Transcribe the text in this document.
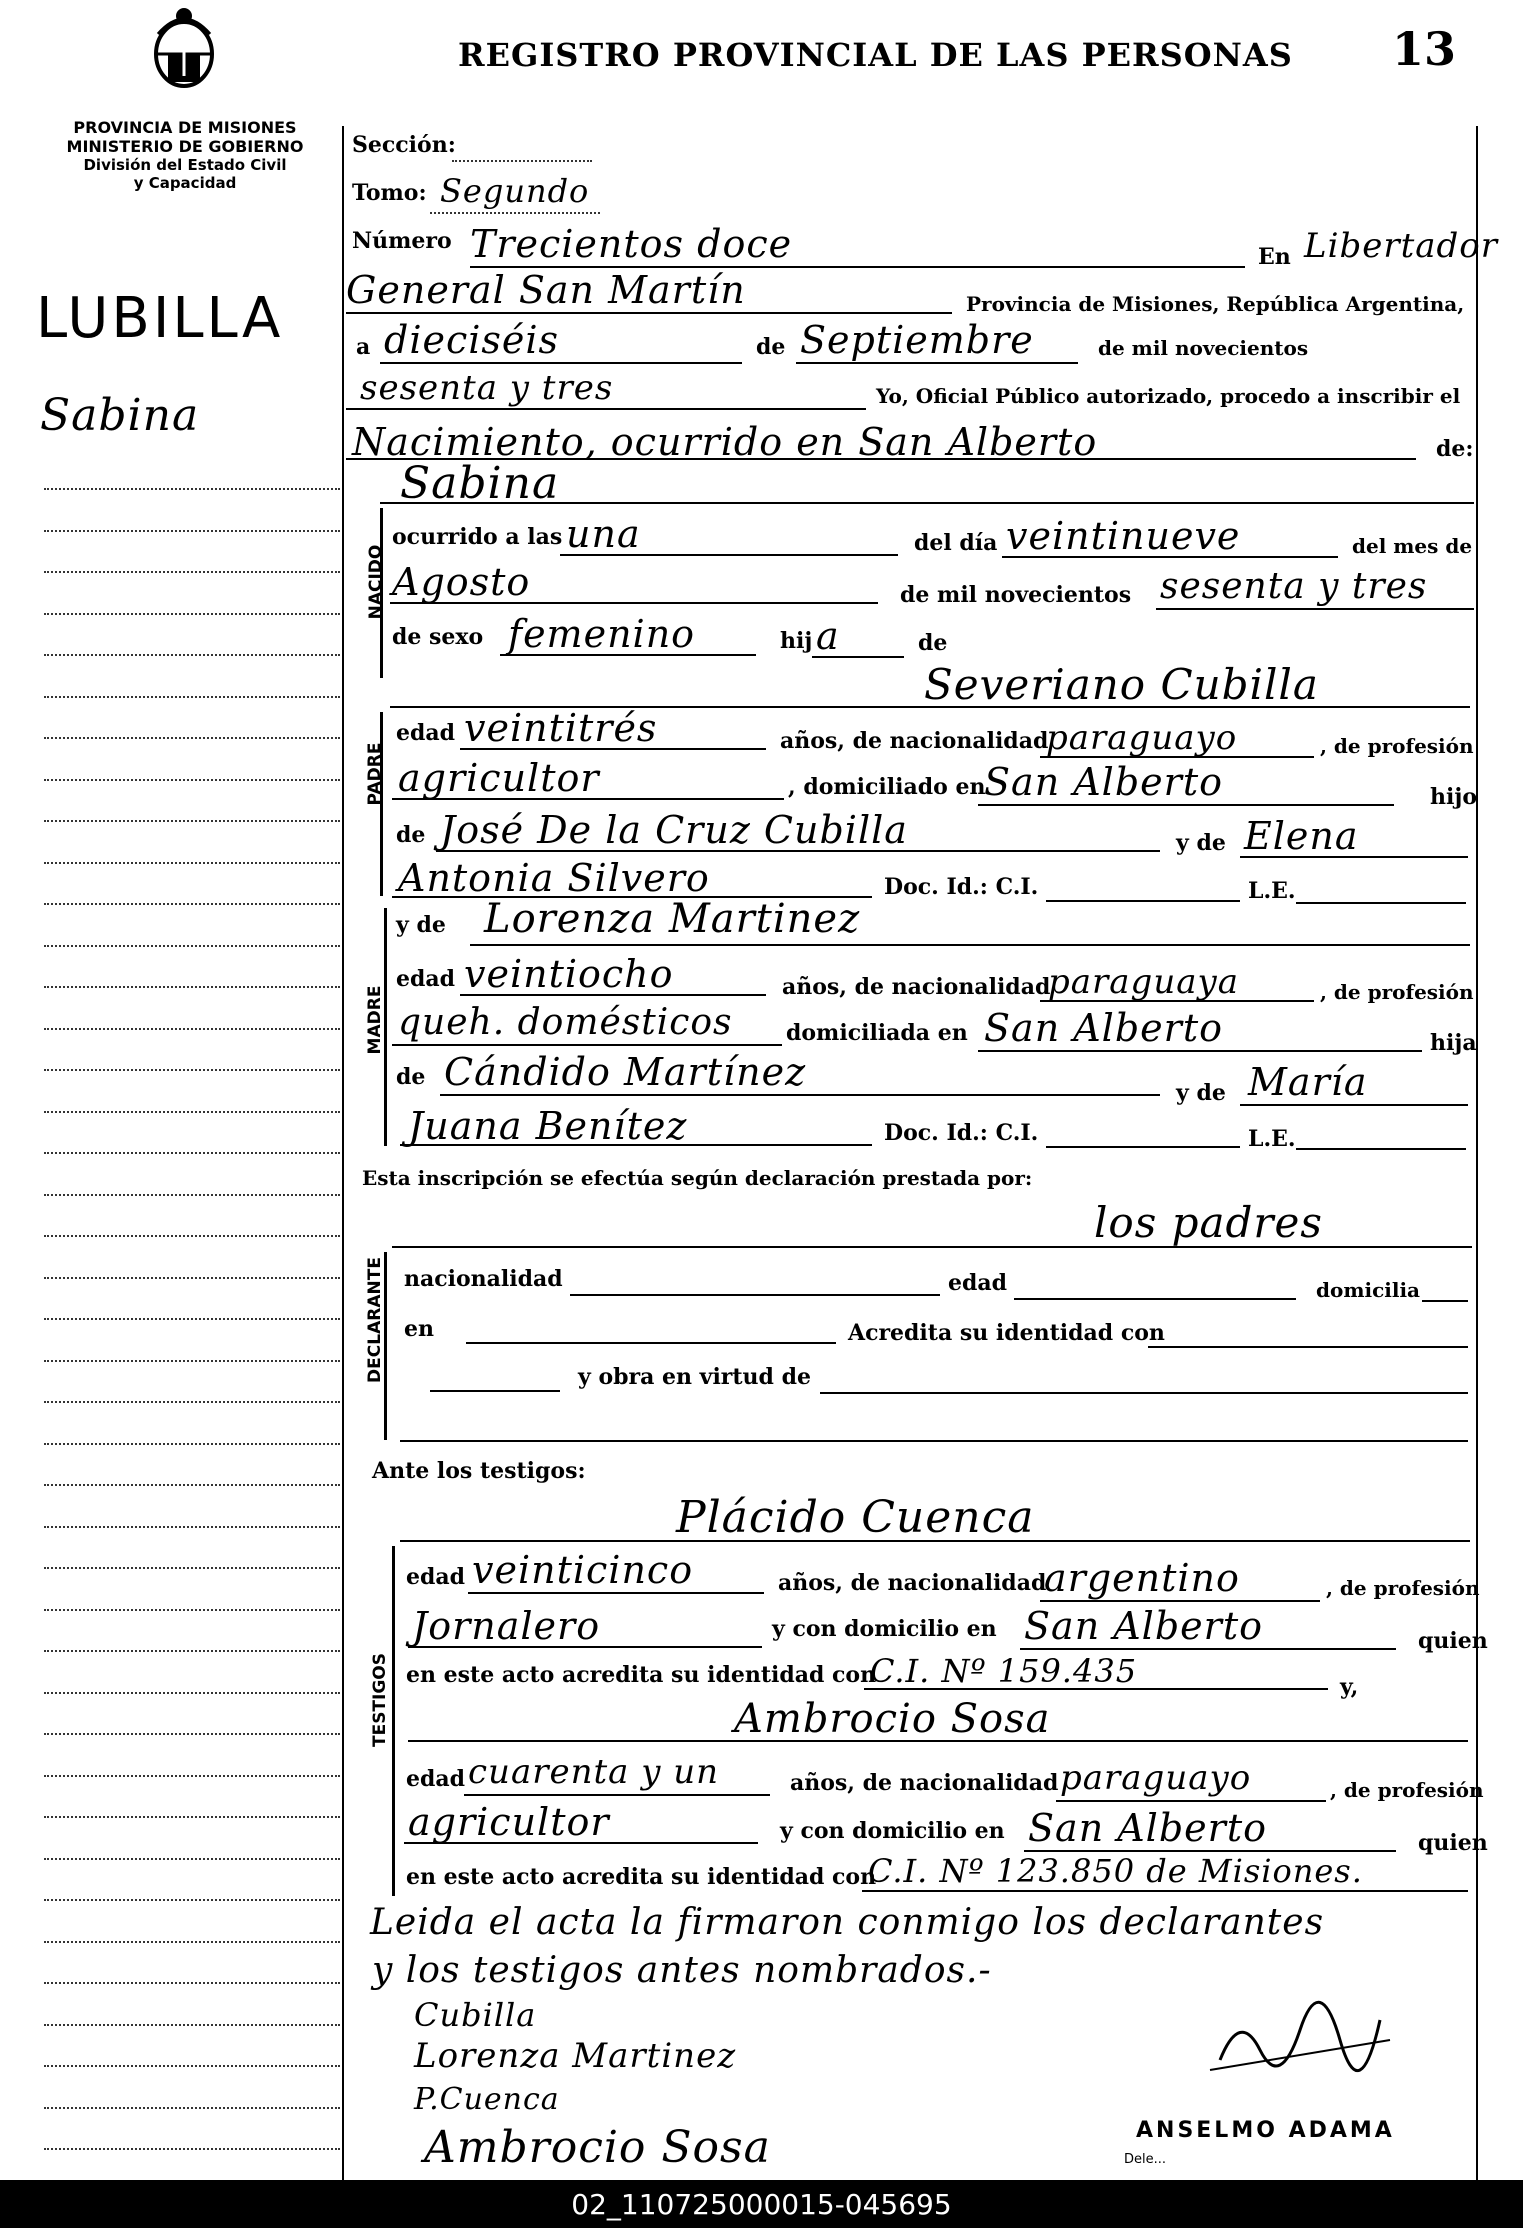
REGISTRO PROVINCIAL DE LAS PERSONAS 13
PROVINCIA DE MISIONES
MINISTERIO DE GOBIERNO
División del Estado Civil
y Capacidad
LUBILLA
Sabina
Sección:
Tomo: Segundo
Número Trecientos doce	En Libertador
General San Martín	Provincia de Misiones, República Argentina,
a dieciséis	de Septiembre	de mil novecientos
sesenta y tres	Yo, Oficial Público autorizado, procedo a inscribir el
Nacimiento, ocurrido en San Alberto	de:
Sabina
NACIDO
ocurrido a las una	del día veintinueve	del mes de
Agosto	de mil novecientos sesenta y tres
de sexo femenino	hij a	de
Severiano Cubilla
PADRE
edad veintitrés	años, de nacionalidad
paraguayo	, de profesión
agricultor	, domiciliado en
San Alberto	hijo
de José De la Cruz Cubilla	y de Elena
Antonia Silvero	Doc. Id.: C.I.	L.E.
MADRE
y de Lorenza Martinez
edad veintiocho	años, de nacionalidad
paraguaya	, de profesión
queh. domésticos domiciliada en San Alberto	hija
de Cándido Martínez	y de María
Juana Benítez	Doc. Id.: C.I.	L.E.
Esta inscripción se efectúa según declaración prestada por:
los padres
DECLARANTE nacionalidad	edad	domicilia
en	Acredita su identidad con
y obra en virtud de
Ante los testigos:
Plácido Cuenca
TESTIGOS
edad veinticinco	años, de nacionalidad
argentino	, de profesión
Jornalero	y con domicilio en San Alberto	quien
en este acto acredita su identidad con
C.I. Nº 159.435	y,
Ambrocio Sosa
edad cuarenta y un	años, de nacionalidad paraguayo	, de profesión
agricultor	y con domicilio en San Alberto	quien
en este acto acredita su identidad con
C.I. Nº 123.850 de Misiones.
Leida el acta la firmaron conmigo los declarantes
y los testigos antes nombrados.-
Cubilla
Lorenza Martinez
P.Cuenca
Ambrocio Sosa	ANSELMO ADAMA
Dele...
02_110725000015-045695
